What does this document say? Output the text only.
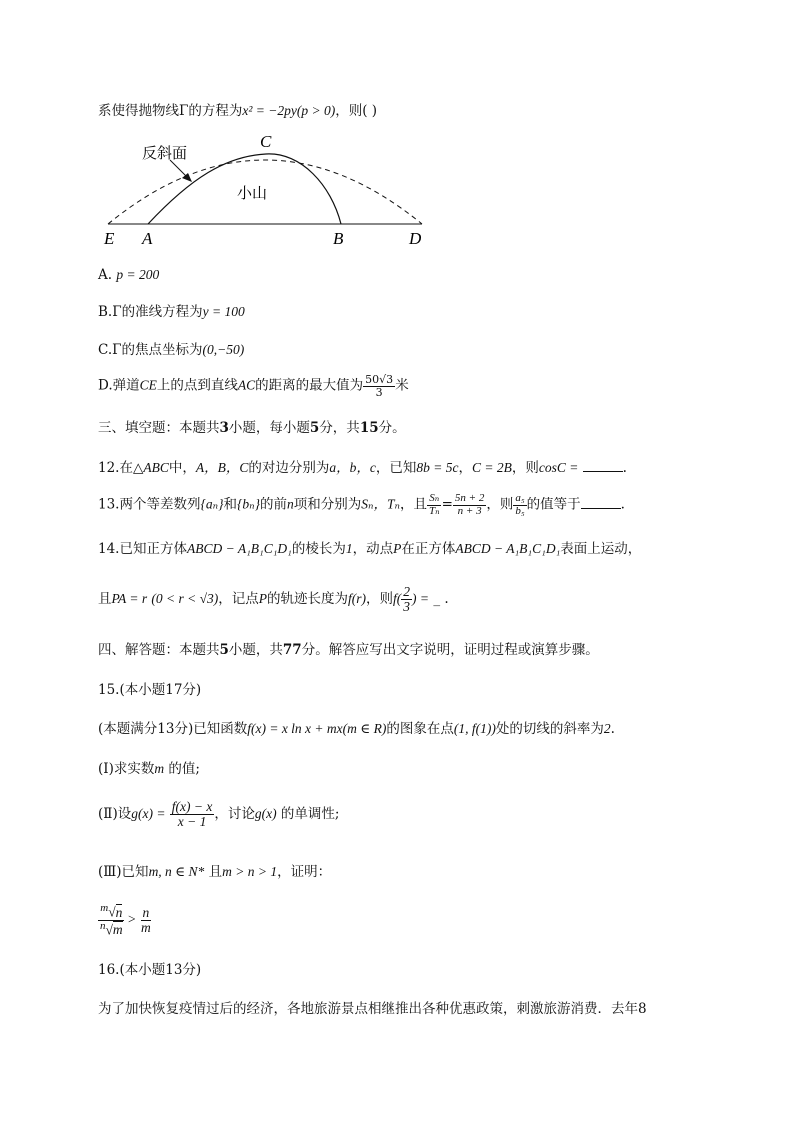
系使得抛物线Γ的方程为x² = −2py(p > 0)，则( )
反斜面
小山
C
E A	B	D
A. p = 200
B.Γ的准线方程为y = 100
C.Γ的焦点坐标为(0,−50)
D.弹道CE上的点到直线AC的距离的最大值为 $\frac{50√3}{3}$ 米
三、填空题：本题共3小题，每小题5分，共15分。
12.在△ABC中，A，B，C的对边分别为a，b，c，已知8b = 5c，C = 2B，则cosC =	.
13.两个等差数列{aₙ}和{bₙ}的前n项和分别为Sₙ，Tₙ，且 $\frac{\text{Sₙ}}{\text{Tₙ}} = \frac{5n + 2}{n + 3}$ ，则 $\frac{\text{a₅}}{\text{b₅}}$ 的值等于	.
14.已知正方体ABCD − A₁B₁C₁D₁的棱长为1，动点P在正方体ABCD − A₁B₁C₁D₁表面上运动，
且PA = r (0 < r < √3)，记点P的轨迹长度为f(r)，则$f( \frac{2}{3}$ ) = _ .
四、解答题：本题共5小题，共77分。解答应写出文字说明，证明过程或演算步骤。
15.(本小题17分)
(本题满分13分)已知函数f(x) = x ln x + mx(m ∈ R)的图象在点(1, f(1))处的切线的斜率为2.
(Ⅰ)求实数m 的值;
(Ⅱ)设$g(x) = \frac{f(x) - x}{x - 1}$ ，讨论g(x) 的单调性;
(Ⅲ)已知m, n ∈ N* 且m > n > 1，证明：
$\frac{^m√n}{^n√m} > \frac{n}{m}$
16.(本小题13分)
为了加快恢复疫情过后的经济，各地旅游景点相继推出各种优惠政策，刺激旅游消费．去年8
